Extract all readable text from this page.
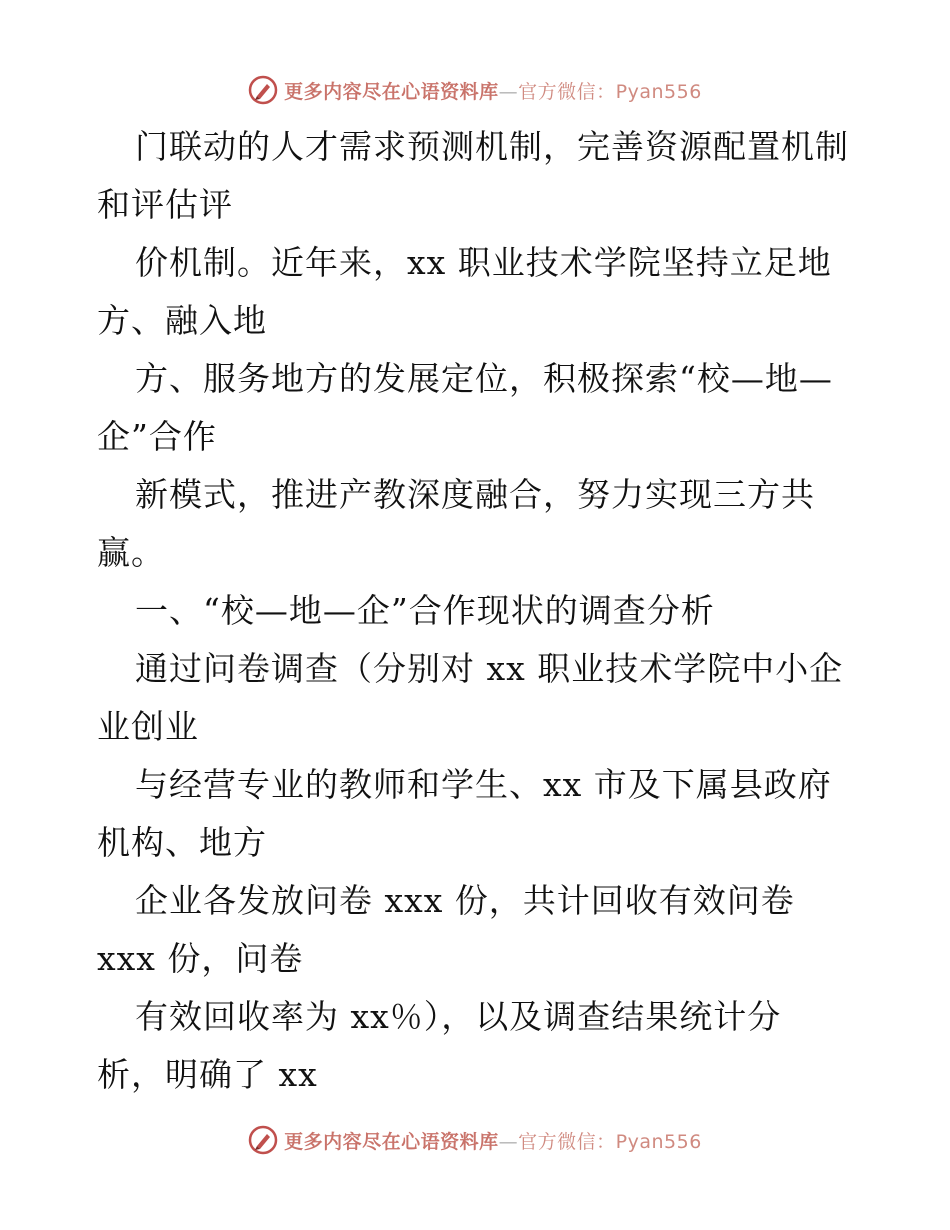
更多内容尽在心语资料库—官方微信：Pyan556
门联动的人才需求预测机制，完善资源配置机制
和评估评
价机制。近年来，xx 职业技术学院坚持立足地
方、融入地
方、服务地方的发展定位，积极探索“校—地—
企”合作
新模式，推进产教深度融合，努力实现三方共
赢。
一、“校—地—企”合作现状的调查分析
通过问卷调查（分别对 xx 职业技术学院中小企
业创业
与经营专业的教师和学生、xx 市及下属县政府
机构、地方
企业各发放问卷 xxx 份，共计回收有效问卷
xxx 份，问卷
有效回收率为 xx％），以及调查结果统计分
析，明确了 xx
更多内容尽在心语资料库—官方微信：Pyan556
